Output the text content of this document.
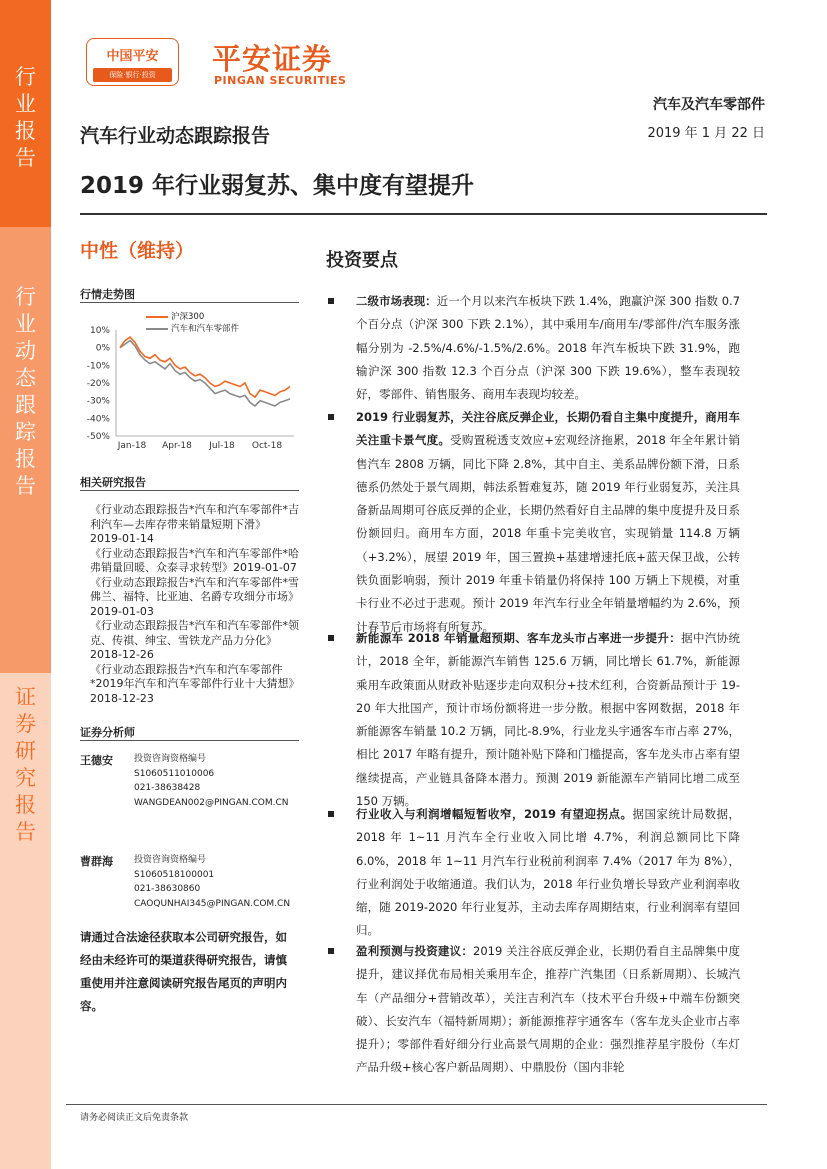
行
业
报
告
行
业
动
态
跟
踪
报
告
证
券
研
究
报
告
中国平安
保险·银行·投资	平安证券
PINGAN SECURITIES
汽车及汽车零部件
2019 年 1 月 22 日
汽车行业动态跟踪报告
2019 年行业弱复苏、集中度有望提升
中性（维持）
行情走势图
沪深300
汽车和汽车零部件
10%
0%
-10%
-20%
-30%
-40%
-50%
Jan-18 Apr-18 Jul-18 Oct-18
相关研究报告

《行业动态跟踪报告*汽车和汽车零部件*吉利汽车—去库存带来销量短期下滑》 2019-01-14

《行业动态跟踪报告*汽车和汽车零部件*哈弗销量回暖、众泰寻求转型》2019-01-07

《行业动态跟踪报告*汽车和汽车零部件*雪佛兰、福特、比亚迪、名爵专攻细分市场》 2019-01-03

《行业动态跟踪报告*汽车和汽车零部件*领克、传祺、绅宝、雪铁龙产品力分化》 2018-12-26

《行业动态跟踪报告*汽车和汽车零部件*2019年汽车和汽车零部件行业十大猜想》 2018-12-23

证券分析师
王德安 投资咨询资格编号
S1060511010006
021-38638428
WANGDEAN002@PINGAN.COM.CN
曹群海 投资咨询资格编号
S1060518100001
021-38630860
CAOQUNHAI345@PINGAN.COM.CN
请通过合法途径获取本公司研究报告，如经由未经许可的渠道获得研究报告，请慎重使用并注意阅读研究报告尾页的声明内容。
投资要点
二级市场表现：近一个月以来汽车板块下跌 1.4%，跑赢沪深 300 指数 0.7 个百分点（沪深 300 下跌 2.1%），其中乘用车/商用车/零部件/汽车服务涨幅分别为 -2.5%/4.6%/-1.5%/2.6%。2018 年汽车板块下跌 31.9%，跑输沪深 300 指数 12.3 个百分点（沪深 300 下跌 19.6%），整车表现较好，零部件、销售服务、商用车表现均较差。
2019 行业弱复苏，关注谷底反弹企业，长期仍看自主集中度提升，商用车关注重卡景气度。受购置税透支效应+宏观经济拖累，2018 年全年累计销售汽车 2808 万辆，同比下降 2.8%，其中自主、美系品牌份额下滑，日系德系仍然处于景气周期，韩法系暂难复苏，随 2019 年行业弱复苏，关注具备新品周期可谷底反弹的企业，长期仍然看好自主品牌的集中度提升及日系份额回归。商用车方面，2018 年重卡完美收官，实现销量 114.8 万辆（+3.2%），展望 2019 年，国三置换+基建增速托底+蓝天保卫战，公转铁负面影响弱，预计 2019 年重卡销量仍将保持 100 万辆上下规模，对重卡行业不必过于悲观。预计 2019 年汽车行业全年销量增幅约为 2.6%，预计春节后市场将有所复苏。
新能源车 2018 年销量超预期、客车龙头市占率进一步提升：据中汽协统计，2018 全年，新能源汽车销售 125.6 万辆，同比增长 61.7%，新能源乘用车政策面从财政补贴逐步走向双积分+技术红利，合资新品预计于 19-20 年大批国产，预计市场份额将进一步分散。根据中客网数据，2018 年新能源客车销量 10.2 万辆，同比-8.9%，行业龙头宇通客车市占率 27%，相比 2017 年略有提升，预计随补贴下降和门槛提高，客车龙头市占率有望继续提高，产业链具备降本潜力。预测 2019 新能源车产销同比增二成至 150 万辆。
行业收入与利润增幅短暂收窄，2019 有望迎拐点。据国家统计局数据，2018 年 1~11 月汽车全行业收入同比增 4.7%，利润总额同比下降 6.0%，2018 年 1~11 月汽车行业税前利润率 7.4%（2017 年为 8%），行业利润处于收缩通道。我们认为，2018 年行业负增长导致产业利润率收缩，随 2019-2020 年行业复苏，主动去库存周期结束，行业利润率有望回归。
盈利预测与投资建议：2019 关注谷底反弹企业，长期仍看自主品牌集中度提升，建议择优布局相关乘用车企，推荐广汽集团（日系新周期）、长城汽车（产品细分+营销改革），关注吉利汽车（技术平台升级+中端车份额突破）、长安汽车（福特新周期）；新能源推荐宇通客车（客车龙头企业市占率提升）；零部件看好细分行业高景气周期的企业：强烈推荐星宇股份（车灯产品升级+核心客户新品周期）、中鼎股份（国内非轮
请务必阅读正文后免责条款
